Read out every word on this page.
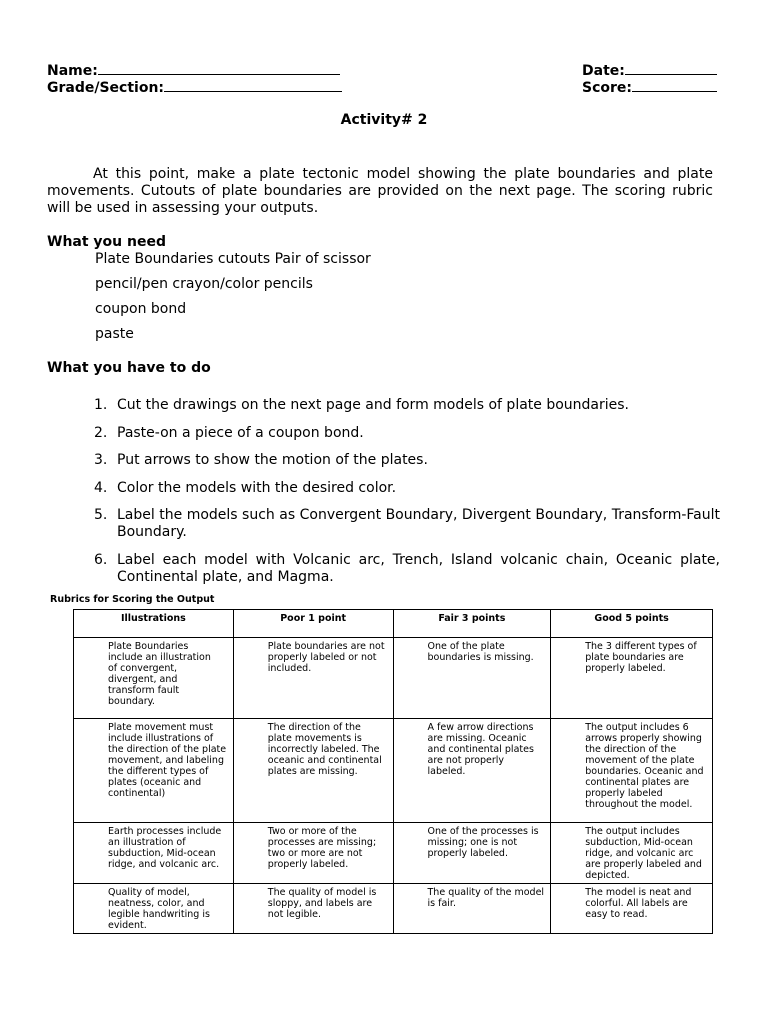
Name:
Grade/Section:
Date:
Score:
Activity# 2
At this point, make a plate tectonic model showing the plate boundaries and plate movements. Cutouts of plate boundaries are provided on the next page. The scoring rubric will be used in assessing your outputs.
What you need
Plate Boundaries cutouts Pair of scissor
pencil/pen crayon/color pencils
coupon bond
paste
What you have to do
1. Cut the drawings on the next page and form models of plate boundaries.
2. Paste-on a piece of a coupon bond.
3. Put arrows to show the motion of the plates.
4. Color the models with the desired color.
5. Label the models such as Convergent Boundary, Divergent Boundary, Transform-Fault Boundary.
6. Label each model with Volcanic arc, Trench, Island volcanic chain, Oceanic plate, Continental plate, and Magma.
Rubrics for Scoring the Output
Illustrations	Poor 1 point	Fair 3 points	Good 5 points
Plate Boundaries include an illustration of convergent, divergent, and transform fault boundary.	Plate boundaries are not properly labeled or not included.	One of the plate boundaries is missing.	The 3 different types of plate boundaries are properly labeled.
Plate movement must include illustrations of the direction of the plate movement, and labeling the different types of plates (oceanic and continental)	The direction of the plate movements is incorrectly labeled. The oceanic and continental plates are missing.	A few arrow directions are missing. Oceanic and continental plates are not properly labeled.	The output includes 6 arrows properly showing the direction of the movement of the plate boundaries. Oceanic and continental plates are properly labeled throughout the model.
Earth processes include an illustration of subduction, Mid-ocean ridge, and volcanic arc.	Two or more of the processes are missing; two or more are not properly labeled.	One of the processes is missing; one is not properly labeled.	The output includes subduction, Mid-ocean ridge, and volcanic arc are properly labeled and depicted.
Quality of model, neatness, color, and legible handwriting is evident.	The quality of model is sloppy, and labels are not legible.	The quality of the model is fair.	The model is neat and colorful. All labels are easy to read.
